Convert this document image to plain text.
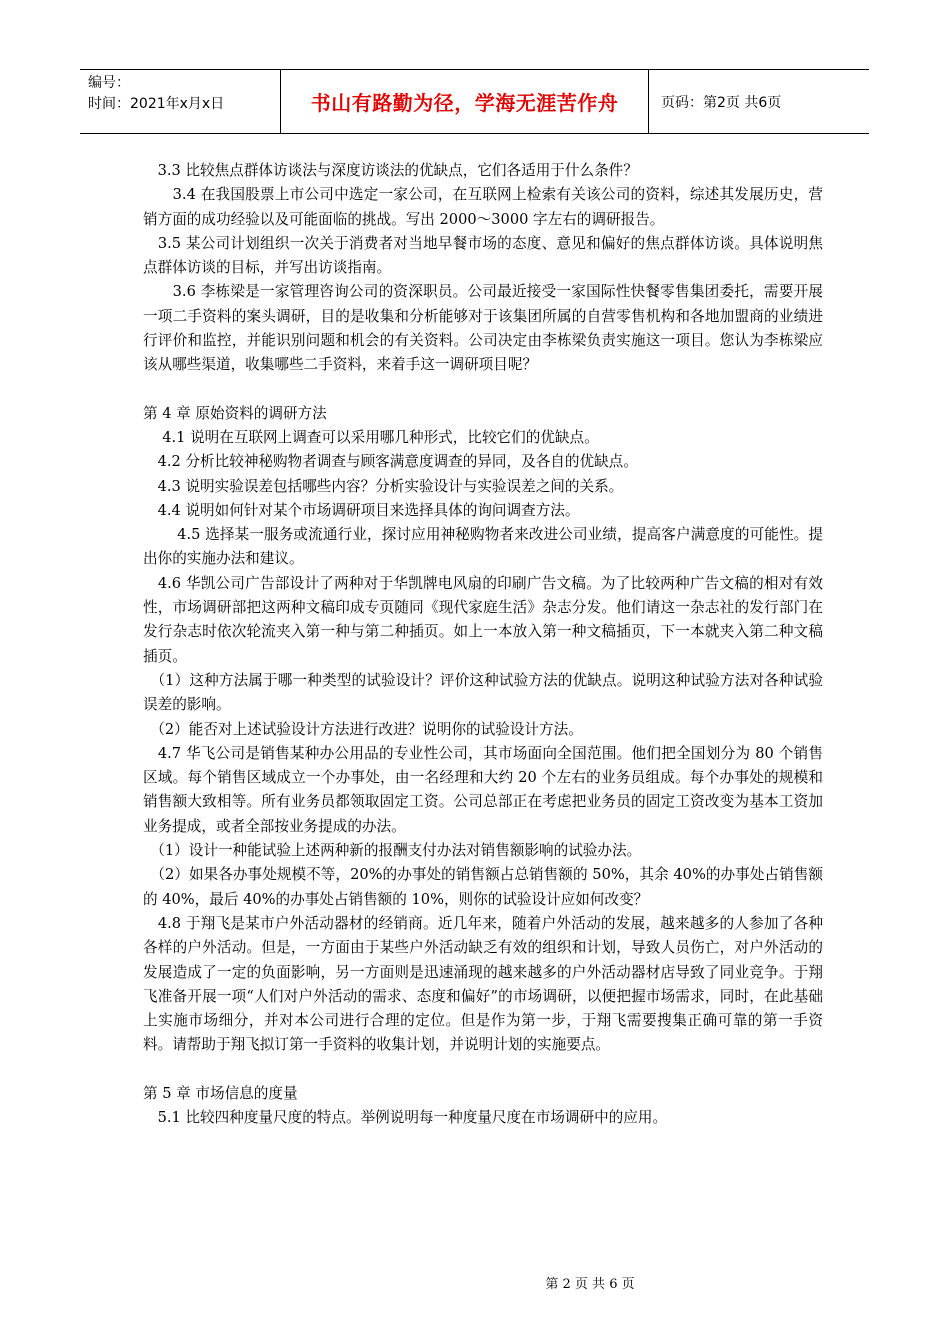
编号：
时间：2021年x月x日	书山有路勤为径，学海无涯苦作舟	页码：第2页 共6页

　3.3 比较焦点群体访谈法与深度访谈法的优缺点，它们各适用于什么条件？

　　3.4 在我国股票上市公司中选定一家公司，在互联网上检索有关该公司的资料，综述其发展历史，营销方面的成功经验以及可能面临的挑战。写出 2000～3000 字左右的调研报告。

　3.5 某公司计划组织一次关于消费者对当地早餐市场的态度、意见和偏好的焦点群体访谈。具体说明焦点群体访谈的目标，并写出访谈指南。

　　3.6 李栋梁是一家管理咨询公司的资深职员。公司最近接受一家国际性快餐零售集团委托，需要开展一项二手资料的案头调研，目的是收集和分析能够对于该集团所属的自营零售机构和各地加盟商的业绩进行评价和监控，并能识别问题和机会的有关资料。公司决定由李栋梁负责实施这一项目。您认为李栋梁应该从哪些渠道，收集哪些二手资料，来着手这一调研项目呢？

第 4 章 原始资料的调研方法

　 4.1 说明在互联网上调查可以采用哪几种形式，比较它们的优缺点。

　4.2 分析比较神秘购物者调查与顾客满意度调查的异同，及各自的优缺点。

　4.3 说明实验误差包括哪些内容？分析实验设计与实验误差之间的关系。

　4.4 说明如何针对某个市场调研项目来选择具体的询问调查方法。

　　 4.5 选择某一服务或流通行业，探讨应用神秘购物者来改进公司业绩，提高客户满意度的可能性。提出你的实施办法和建议。

　4.6 华凯公司广告部设计了两种对于华凯牌电风扇的印刷广告文稿。为了比较两种广告文稿的相对有效性，市场调研部把这两种文稿印成专页随同《现代家庭生活》杂志分发。他们请这一杂志社的发行部门在发行杂志时依次轮流夹入第一种与第二种插页。如上一本放入第一种文稿插页，下一本就夹入第二种文稿插页。

　（1）这种方法属于哪一种类型的试验设计？评价这种试验方法的优缺点。说明这种试验方法对各种试验误差的影响。

　（2）能否对上述试验设计方法进行改进？说明你的试验设计方法。

　4.7 华飞公司是销售某种办公用品的专业性公司，其市场面向全国范围。他们把全国划分为 80 个销售区域。每个销售区域成立一个办事处，由一名经理和大约 20 个左右的业务员组成。每个办事处的规模和销售额大致相等。所有业务员都领取固定工资。公司总部正在考虑把业务员的固定工资改变为基本工资加业务提成，或者全部按业务提成的办法。

　（1）设计一种能试验上述两种新的报酬支付办法对销售额影响的试验办法。

　（2）如果各办事处规模不等，20%的办事处的销售额占总销售额的 50%，其余 40%的办事处占销售额的 40%，最后 40%的办事处占销售额的 10%，则你的试验设计应如何改变？

　4.8 于翔飞是某市户外活动器材的经销商。近几年来，随着户外活动的发展，越来越多的人参加了各种各样的户外活动。但是，一方面由于某些户外活动缺乏有效的组织和计划，导致人员伤亡，对户外活动的发展造成了一定的负面影响，另一方面则是迅速涌现的越来越多的户外活动器材店导致了同业竞争。于翔飞准备开展一项“人们对户外活动的需求、态度和偏好”的市场调研，以便把握市场需求，同时，在此基础上实施市场细分，并对本公司进行合理的定位。但是作为第一步，于翔飞需要搜集正确可靠的第一手资料。请帮助于翔飞拟订第一手资料的收集计划，并说明计划的实施要点。

第 5 章 市场信息的度量

　5.1 比较四种度量尺度的特点。举例说明每一种度量尺度在市场调研中的应用。

第 2 页 共 6 页
